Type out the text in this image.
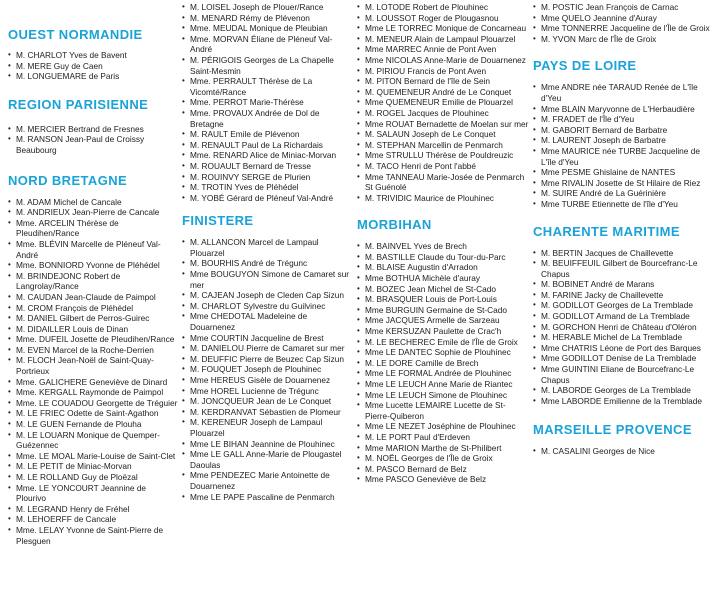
OUEST NORMANDIE
• M. CHARLOT Yves de Bavent
• M. MERE Guy de Caen
• M. LONGUEMARE de Paris
REGION PARISIENNE
• M. MERCIER Bertrand de Fresnes
• M. RANSON Jean-Paul de Croissy Beaubourg
NORD BRETAGNE
• M. ADAM Michel de Cancale
• M. ANDRIEUX Jean-Pierre de Cancale
• Mme. ARCELIN Thérèse de Pleudihen/Rance
• Mme. BLÉVIN Marcelle de Pléneuf Val-André
• Mme. BONNIORD Yvonne de Pléhédel
• M. BRINDEJONC Robert de Langrolay/Rance
• M. CAUDAN Jean-Claude de Paimpol
• M. CROM François de Pléhédel
• M. DANIEL Gilbert de Perros-Guirec
• M. DIDAILLER Louis de Dinan
• Mme. DUFEIL Josette de Pleudihen/Rance
• M. EVEN Marcel de la Roche-Derrien
• M. FLOCH Jean-Noël de Saint-Quay-Portrieux
• Mme. GALICHERE Geneviève de Dinard
• Mme. KERGALL Raymonde de Paimpol
• Mme. LE COUADOU Georgette de Tréguier
• M. LE FRIEC Odette de Saint-Agathon
• M. LE GUEN Fernande de Plouha
• M. LE LOUARN Monique de Quemper-Guézennec
• Mme. LE MOAL Marie-Louise de Saint-Clet
• M. LE PETIT de Miniac-Morvan
• M. LE ROLLAND Guy de Ploëzal
• Mme. LE YONCOURT Jeannine de Plourivo
• M. LEGRAND Henry de Fréhel
• M. LEHOERFF de Cancale
• Mme. LELAY Yvonne de Saint-Pierre de Plesguen
• M. LOISEL Joseph de Plouer/Rance
• M. MENARD Rémy de Plévenon
• Mme. MEUDAL Monique de Pleubian
• Mme. MORVAN Éliane de Pléneuf Val-André
• M. PÉRIGOIS Georges de La Chapelle Saint-Mesmin
• Mme. PERRAULT Thérèse de La Vicomté/Rance
• Mme. PERROT Marie-Thérèse
• Mme. PROVAUX Andrée de Dol de Bretagne
• M. RAULT Emile de Plévenon
• M. RENAULT Paul de La Richardais
• Mme. RENARD Alice de Miniac-Morvan
• M. ROUAULT Bernard de Tresse
• M. ROUINVY SERGE de Plurien
• M. TROTIN Yves de Pléhédel
• M. YOBÉ Gérard de Pléneuf Val-André
FINISTERE
• M. ALLANCON Marcel de Lampaul Plouarzel
• M. BOURHIS André de Trégunc
• Mme BOUGUYON Simone de Camaret sur mer
• M. CAJEAN Joseph de Cleden Cap Sizun
• M. CHARLOT Sylvestre du Guilvinec
• Mme CHEDOTAL Madeleine de Douarnenez
• Mme COURTIN Jacqueline de Brest
• M. DANIELOU Pierre de Camaret sur mer
• M. DEUFFIC Pierre de Beuzec Cap Sizun
• M. FOUQUET Joseph de Plouhinec
• Mme HEREUS Gisèle de Douarnenez
• Mme HOREL Lucienne de Trégunc
• M. JONCQUEUR Jean de Le Conquet
• M. KERDRANVAT Sébastien de Plomeur
• M. KERENEUR Joseph de Lampaul Plouarzel
• Mme LE BIHAN Jeannine de Plouhinec
• Mme LE GALL Anne-Marie de Plougastel Daoulas
• Mme PENDEZEC Marie Antoinette de Douarnenez
• Mme LE PAPE Pascaline de Penmarch
• M. LOTODE Robert de Plouhinec
• M. LOUSSOT Roger de Plougasnou
• Mme LE TORREC Monique de Concarneau
• M. MENEUR Alain de Lampaul Plouarzel
• Mme MARREC Annie de Pont Aven
• Mme NICOLAS Anne-Marie de Douarnenez
• M. PIRIOU Francis de Pont Aven
• M. PITON Bernard de l'île de Sein
• M. QUEMENEUR André de Le Conquet
• Mme QUEMENEUR Emilie de Plouarzel
• M. ROGEL Jacques de Plouhinec
• Mme ROUAT Bernadette de Moelan sur mer
• M. SALAUN Joseph de Le Conquet
• M. STEPHAN Marcellin de Penmarch
• Mme STRULLU Thérèse de Pouldreuzic
• M. TACO Henri de Pont l'abbé
• Mme TANNEAU Marie-Josée de Penmarch St Guénolé
• M. TRIVIDIC Maurice de Plouhinec
MORBIHAN
• M. BAINVEL Yves de Brech
• M. BASTILLE Claude du Tour-du-Parc
• M. BLAISE Augustin d'Arradon
• Mme BOTHUA Michèle d'auray
• M. BOZEC Jean Michel de St-Cado
• M. BRASQUER Louis de Port-Louis
• Mme BURGUIN Germaine de St-Cado
• Mme JACQUES Armelle de Sarzeau
• Mme KERSUZAN Paulette de Crac'h
• M. LE BECHEREC Emile de l'Île de Groix
• Mme LE DANTEC Sophie de Plouhinec
• M. LE DORE Camille de Brech
• Mme LE FORMAL Andrée de Plouhinec
• Mme LE LEUCH Anne Marie de Riantec
• Mme LE LEUCH Simone de Plouhinec
• Mme Lucette LEMAIRE Lucette de St-Pierre-Quiberon
• Mme LE NEZET Joséphine de Plouhinec
• M. LE PORT Paul d'Erdeven
• Mme MARION Marthe de St-Philibert
• M. NOËL Georges de l'Île de Groix
• M. PASCO Bernard de Belz
• Mme PASCO Geneviève de Belz
• M. POSTIC Jean François de Carnac
• Mme QUELO Jeannine d'Auray
• Mme TONNERRE Jacqueline de l'Île de Groix
• M. YVON Marc de l'Île de Groix
PAYS DE LOIRE
• Mme ANDRE née TARAUD Renée de L'île d'Yeu
• Mme BLAIN Maryvonne de L'Herbaudière
• M. FRADET de l'Île d'Yeu
• M. GABORIT Bernard de Barbatre
• M. LAURENT Joseph de Barbatre
• Mme MAURICE née TURBE Jacqueline de L'île d'Yeu
• Mme PESME Ghislaine de NANTES
• Mme RIVALIN Josette de St Hilaire de Riez
• M. SUIRE André de La Guérinière
• Mme TURBE Etiennette de l'île d'Yeu
CHARENTE MARITIME
• M. BERTIN Jacques de Chaillevette
• M. BEUIFFEUIL Gilbert de Bourcefranc-Le Chapus
• M. BOBINET André de Marans
• M. FARINE Jacky de Chaillevette
• M. GODILLOT Georges de La Tremblade
• M. GODILLOT Armand de La Tremblade
• M. GORCHON Henri de Château d'Oléron
• M. HERABLE Michel de La Tremblade
• Mme CHATRIS Léone de Port des Barques
• Mme GODILLOT Denise de La Tremblade
• Mme GUINTINI Eliane de Bourcefranc-Le Chapus
• M. LABORDE Georges de La Tremblade
• Mme LABORDE Emilienne de la Tremblade
MARSEILLE PROVENCE
• M. CASALINI Georges de Nice
